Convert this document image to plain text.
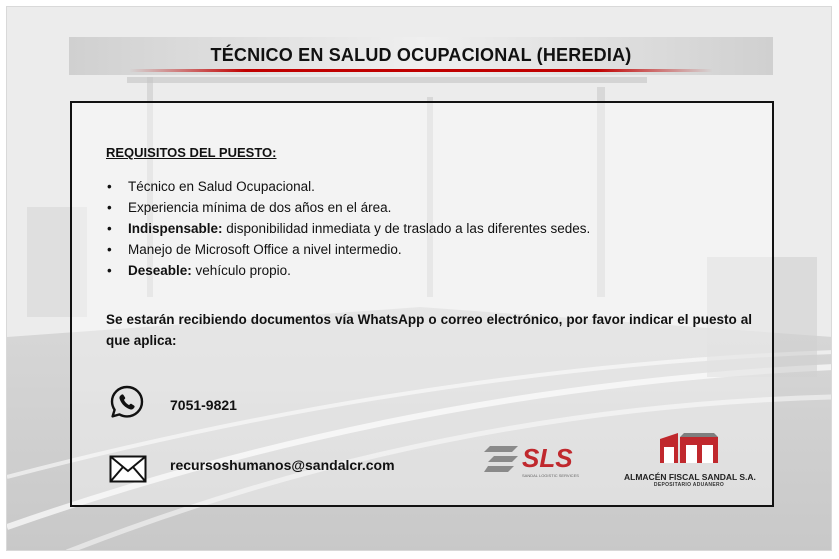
TÉCNICO EN SALUD OCUPACIONAL (HEREDIA)
REQUISITOS DEL PUESTO:
• Técnico en Salud Ocupacional.
• Experiencia mínima de dos años en el área.
• Indispensable: disponibilidad inmediata y de traslado a las diferentes sedes.
• Manejo de Microsoft Office a nivel intermedio.
• Deseable: vehículo propio.
Se estarán recibiendo documentos vía WhatsApp o correo electrónico, por favor indicar el puesto al que aplica:
7051-9821
recursoshumanos@sandalcr.com	SLS
SANDAL LOGISTIC SERVICES	ALMACÉN FISCAL SANDAL S.A.
DEPOSITARIO ADUANERO
